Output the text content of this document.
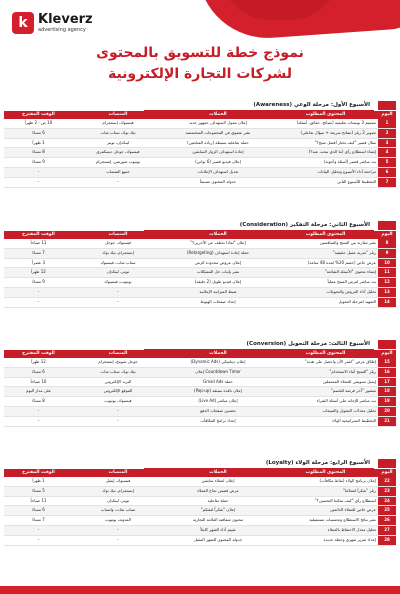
k Kleverz
advertising agency
نموذج خطة للتسويق بالمحتوى
لشركات التجارة الإلكترونية
الأسبوع الأول: مرحلة الوعي (Awareness)
اليوم	المحتوى المطلوب	الحملات	المنصات	الوقت المقترح
1	تصميم 3 بوستات تعليمية (نصائح، حقائق، أسئلة)	إعلان ممول لاستهداف جمهور جديد	فيسبوك، إنستجرام	10 ص - 2 ظهراً
2	تصوير 2 ريلز (نصائح سريعة + سؤال تفاعلي)	نشر عضوي في المجموعات المتخصصة	تيك توك، سناب شات	6 مساءً
3	مقال قصير "كيف تختار أفضل منتج؟"	حملة تفاعلية بسيطة (زيادة المتابعين)	لينكدإن، تويتر	1 ظهراً
4	إنشاء استطلاع رأي (ما الذي تبحث عنه؟)	إعادة استهداف الزوار السابقين	فيسبوك، جوجل ديسكفري	8 مساءً
5	بث مباشر قصير (أسئلة وأجوبة)	إعلان فيديو قصير (6 ثواني)	يوتيوب شورتس، إنستجرام	9 مساءً
6	مراجعة أداء الأسبوع وتحليل البيانات	تعديل استهداف الإعلانات	جميع المنصات	-
7	التخطيط للأسبوع الثاني	جدولة المحتوى مسبقاً	-	-
الأسبوع الثاني: مرحلة التفكير (Consideration)
اليوم	المحتوى المطلوب	الحملات	المنصات	الوقت المقترح
8	نشر مقارنة بين المنتج والمنافسين	إعلان "لماذا نختلف عن الآخرين؟"	فيسبوك، جوجل	11 صباحاً
9	ريلز "تجربة عميل حقيقية"	حملة إعادة استهداف (Retargeting)	إنستجرام، تيك توك	7 مساءً
10	عرض خاص (خصم 20% لمدة 48 ساعة)	إعلان عروض محدودة الزمن	سناب شات، فيسبوك	3 عصراً
11	إنشاء محتوى "الأسئلة الشائعة"	نشر بإثبات حل المشكلات	تويتر، لينكدإن	12 ظهراً
12	بث مباشر لعرض المنتج عملياً	إعلان فيديو طويل (2 دقيقة)	يوتيوب، فيسبوك	9 مساءً
13	تحليل أداء العروض والتحويلات	ضبط الميزانية الإعلانية	-	-
14	التمهيد لمرحلة التحويل	إعداد صفحات الهبوط	-	-
الأسبوع الثالث: مرحلة التحويل (Conversion)
اليوم	المحتوى المطلوب	الحملات	المنصات	الوقت المقترح
15	إطلاق عرض "اشتر الآن واحصل على هدية"	إعلان ديناميكي (Dynamic Ads)	جوجل شوبنج، إنستجرام	12 ظهراً
16	ريلز "المنتج أثناء الاستخدام"	Countdown Timer إعلان	تيك توك، سناب شات	6 مساءً
17	إيميل تسويقي للعملاء المحتملين	حملة Gmail Ads	البريد الإلكتروني	10 صباحاً
18	منشور "آخر فرصة للخصم"	إعلان نافذة منبثقة (Pop-up)	الموقع الإلكتروني	على مدار اليوم
19	بث مباشر للإجابة على أسئلة الشراء	إعلان مباشر (Live Ad)	فيسبوك، يوتيوب	8 مساءً
20	تحليل معدلات التحويل والمبيعات	تحسين صفحات الدفع	-	-
21	التخطيط لاستراتيجية الولاء	إعداد برامج المكافآت	-	-
الأسبوع الرابع: مرحلة الولاء (Loyalty)
اليوم	المحتوى المطلوب	الحملات	المنصات	الوقت المقترح
22	إعلان برنامج الولاء (نقاط مكافآت)	إعلان لعملاء سابقين	فيسبوك، إيميل	1 ظهراً
23	ريلز "شكراً لعملائنا"	عرض قصص نجاح العملاء	إنستجرام، تيك توك	5 مساءً
24	استطلاع رأي "كيف يمكننا التحسين؟"	حملة تفاعلية	تويتر، لينكدإن	11 صباحاً
25	عرض خاص للعملاء الدائمين	إعلان "شكراً لثقتكم"	سناب شات، واتساب	6 مساءً
26	نشر نتائج الاستطلاع وتحسينات مستقبلية	محتوى شفافية العلامة التجارية	المدونة، يوتيوب	7 مساءً
27	تحليل معدل الاحتفاظ بالعملاء	تقييم أداء الشهر كاملاً	-	-
28	إعداد تقرير شهري وخطة جديدة	جدولة المحتوى للشهر المقبل	-	-
